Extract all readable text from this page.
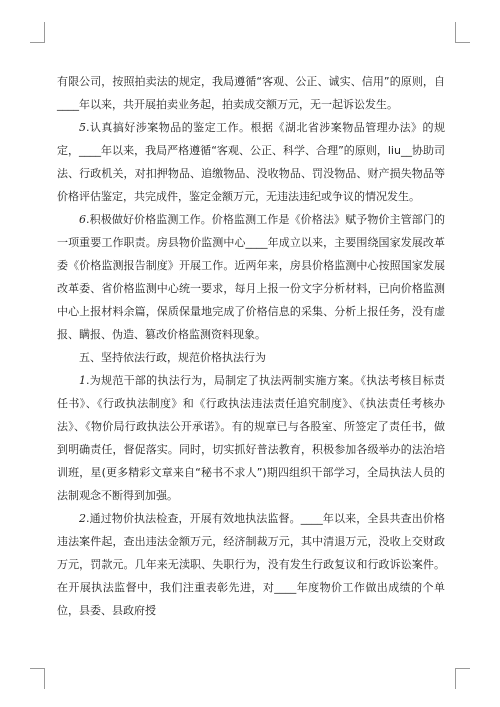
有限公司，按照拍卖法的规定，我局遵循“客观、公正、诚实、信用”的原则，自____年以来，共开展拍卖业务起，拍卖成交额万元，无一起诉讼发生。

5.认真搞好涉案物品的鉴定工作。根据《湖北省涉案物品管理办法》的规定，____年以来，我局严格遵循“客观、公正、科学、合理”的原则，liu__协助司法、行政机关，对扣押物品、追缴物品、没收物品、罚没物品、财产损失物品等价格评估鉴定，共完成件，鉴定金额万元，无违法违纪或争议的情况发生。

6.积极做好价格监测工作。价格监测工作是《价格法》赋予物价主管部门的一项重要工作职责。房县物价监测中心____年成立以来，主要围绕国家发展改革委《价格监测报告制度》开展工作。近两年来，房县价格监测中心按照国家发展改革委、省价格监测中心统一要求，每月上报一份文字分析材料，已向价格监测中心上报材料余篇，保质保量地完成了价格信息的采集、分析上报任务，没有虚报、瞒报、伪造、篡改价格监测资料现象。

五、坚持依法行政，规范价格执法行为

1.为规范干部的执法行为，局制定了执法两制实施方案。《执法考核目标责任书》、《行政执法制度》和《行政执法违法责任追究制度》、《执法责任考核办法》、《物价局行政执法公开承诺》。有的规章已与各股室、所签定了责任书，做到明确责任，督促落实。同时，切实抓好普法教育，积极参加各级举办的法治培训班，星(更多精彩文章来自“秘书不求人”)期四组织干部学习，全局执法人员的法制观念不断得到加强。

2.通过物价执法检查，开展有效地执法监督。____年以来，全县共查出价格违法案件起，查出违法金额万元，经济制裁万元，其中清退万元，没收上交财政万元，罚款元。几年来无渎职、失职行为，没有发生行政复议和行政诉讼案件。在开展执法监督中，我们注重表彰先进，对____年度物价工作做出成绩的个单位，县委、县政府授
